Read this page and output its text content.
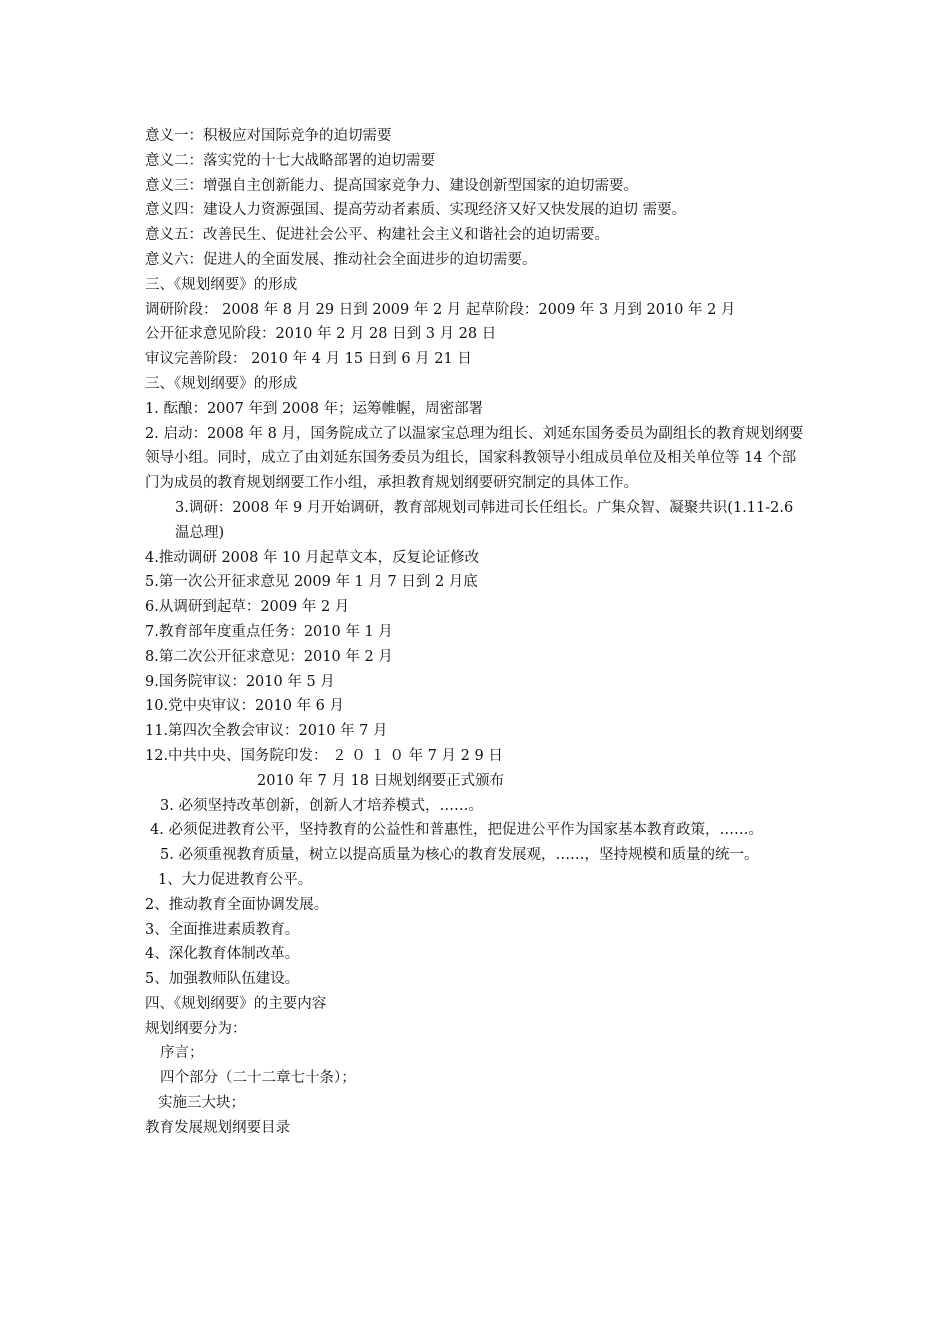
意义一：积极应对国际竞争的迫切需要
意义二：落实党的十七大战略部署的迫切需要
意义三：增强自主创新能力、提高国家竞争力、建设创新型国家的迫切需要。
意义四：建设人力资源强国、提高劳动者素质、实现经济又好又快发展的迫切 需要。
意义五：改善民生、促进社会公平、构建社会主义和谐社会的迫切需要。
意义六：促进人的全面发展、推动社会全面进步的迫切需要。
三、《规划纲要》的形成
调研阶段： 2008 年 8 月 29 日到 2009 年 2 月 起草阶段：2009 年 3 月到 2010 年 2 月
公开征求意见阶段：2010 年 2 月 28 日到 3 月 28 日
审议完善阶段： 2010 年 4 月 15 日到 6 月 21 日
三、《规划纲要》的形成
1. 酝酿：2007 年到 2008 年；运筹帷幄，周密部署
2. 启动：2008 年 8 月，国务院成立了以温家宝总理为组长、刘延东国务委员为副组长的教育规划纲要领导小组。同时，成立了由刘延东国务委员为组长，国家科教领导小组成员单位及相关单位等 14 个部门为成员的教育规划纲要工作小组，承担教育规划纲要研究制定的具体工作。
3.调研：2008 年 9 月开始调研，教育部规划司韩进司长任组长。广集众智、凝聚共识(1.11-2.6 温总理)
4.推动调研 2008 年 10 月起草文本，反复论证修改
5.第一次公开征求意见 2009 年 1 月 7 日到 2 月底
6.从调研到起草：2009 年 2 月
7.教育部年度重点任务：2010 年 1 月
8.第二次公开征求意见：2010 年 2 月
9.国务院审议：2010 年 5 月
10.党中央审议：2010 年 6 月
11.第四次全教会审议：2010 年 7 月
12.中共中央、国务院印发： ２ ０ １ ０ 年 7 月 2 9 日
2010 年 7 月 18 日规划纲要正式颁布
3. 必须坚持改革创新，创新人才培养模式，……。
4. 必须促进教育公平，坚持教育的公益性和普惠性，把促进公平作为国家基本教育政策，……。
5. 必须重视教育质量，树立以提高质量为核心的教育发展观，……，坚持规模和质量的统一。
1、大力促进教育公平。
2、推动教育全面协调发展。
3、全面推进素质教育。
4、深化教育体制改革。
5、加强教师队伍建设。
四、《规划纲要》的主要内容
规划纲要分为：
序言；
四个部分（二十二章七十条）；
实施三大块；
教育发展规划纲要目录
